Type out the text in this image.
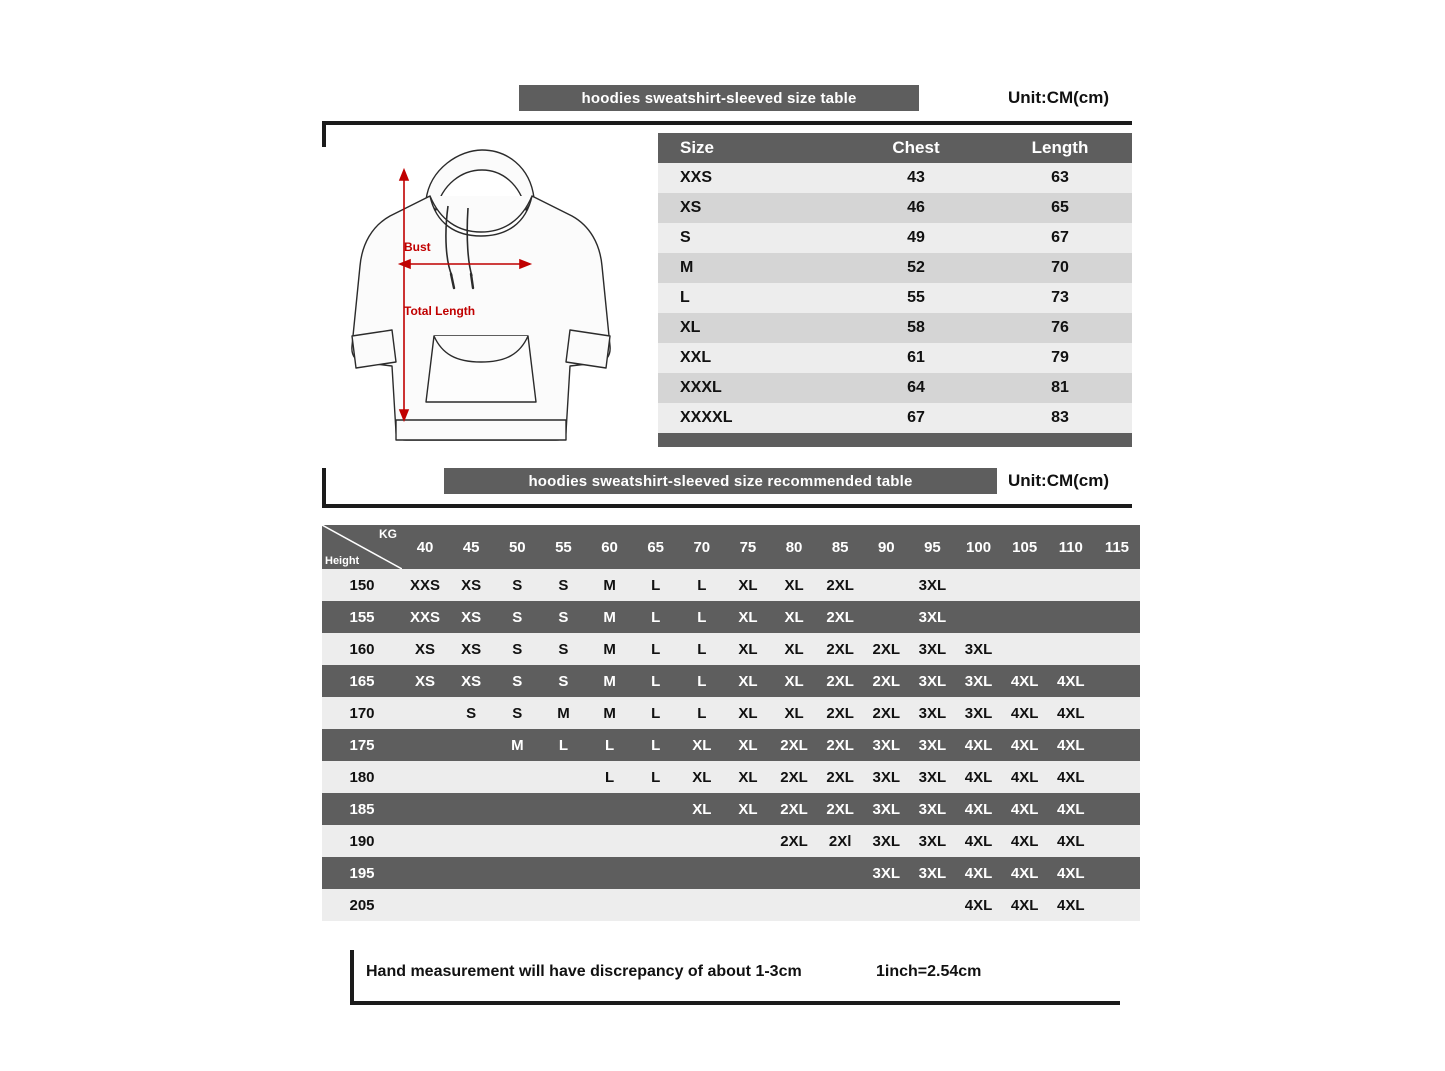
hoodies sweatshirt-sleeved size table	Unit:CM(cm)
Bust
Total Length
Size	Chest	Length
XXS	43	63
XS	46	65
S	49	67
M	52	70
L	55	73
XL	58	76
XXL	61	79
XXXL	64	81
XXXXL	67	83

hoodies sweatshirt-sleeved size recommended table	Unit:CM(cm)
KG
Height	40	45	50	55	60	65	70	75	80	85	90	95	100	105	110	115
150	XXS	XS	S	S	M	L	L	XL	XL	2XL		3XL				
155	XXS	XS	S	S	M	L	L	XL	XL	2XL		3XL				
160	XS	XS	S	S	M	L	L	XL	XL	2XL	2XL	3XL	3XL			
165	XS	XS	S	S	M	L	L	XL	XL	2XL	2XL	3XL	3XL	4XL	4XL	
170		S	S	M	M	L	L	XL	XL	2XL	2XL	3XL	3XL	4XL	4XL	
175			M	L	L	L	XL	XL	2XL	2XL	3XL	3XL	4XL	4XL	4XL	
180					L	L	XL	XL	2XL	2XL	3XL	3XL	4XL	4XL	4XL	
185							XL	XL	2XL	2XL	3XL	3XL	4XL	4XL	4XL	
190									2XL	2Xl	3XL	3XL	4XL	4XL	4XL	
195											3XL	3XL	4XL	4XL	4XL	
205													4XL	4XL	4XL	
Hand measurement will have discrepancy of about 1-3cm	1inch=2.54cm
